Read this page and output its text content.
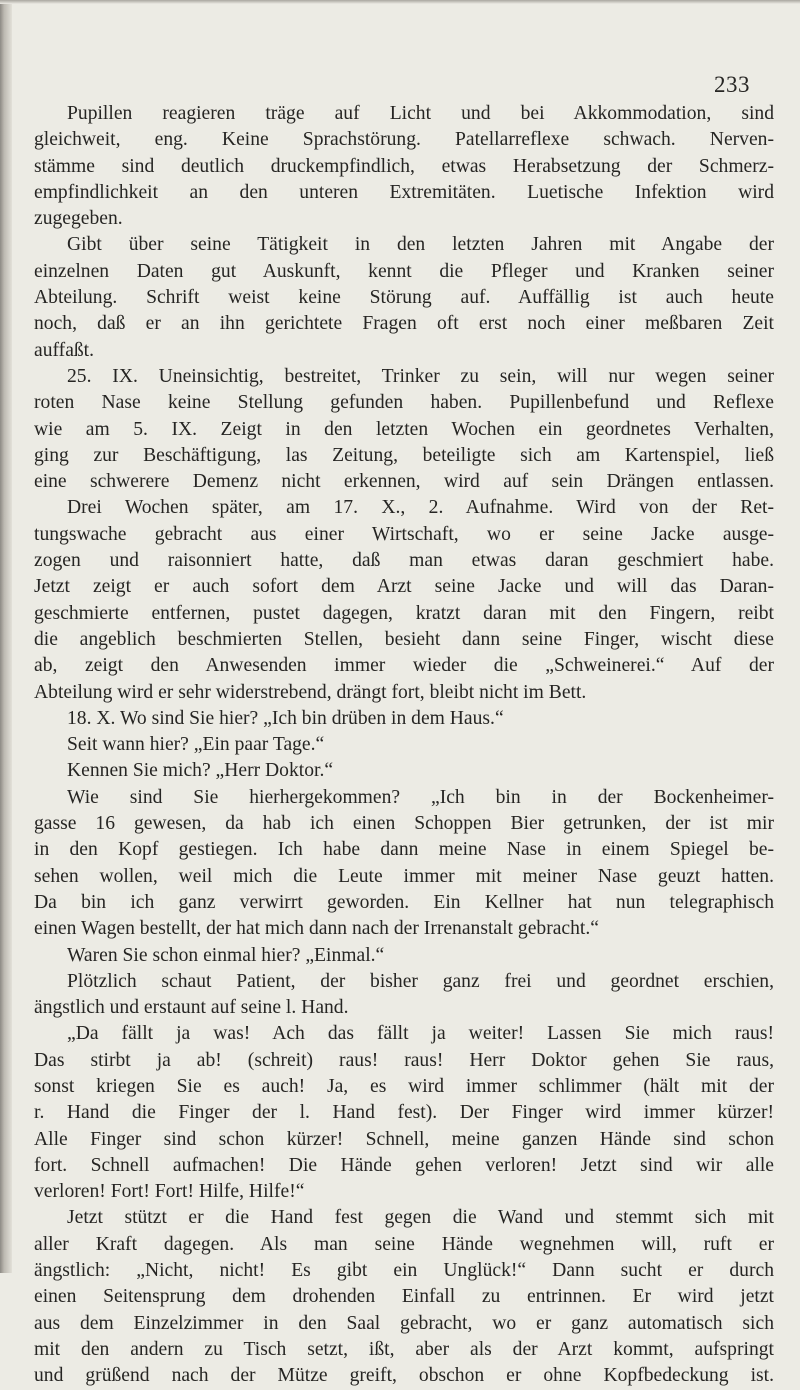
233
Pupillen reagieren träge auf Licht und bei Akkommodation, sind
gleichweit, eng. Keine Sprachstörung. Patellarreflexe schwach. Nerven-
stämme sind deutlich druckempfindlich, etwas Herabsetzung der Schmerz-
empfindlichkeit an den unteren Extremitäten. Luetische Infektion wird
zugegeben.
Gibt über seine Tätigkeit in den letzten Jahren mit Angabe der
einzelnen Daten gut Auskunft, kennt die Pfleger und Kranken seiner
Abteilung. Schrift weist keine Störung auf. Auffällig ist auch heute
noch, daß er an ihn gerichtete Fragen oft erst noch einer meßbaren Zeit
auffaßt.
25. IX. Uneinsichtig, bestreitet, Trinker zu sein, will nur wegen seiner
roten Nase keine Stellung gefunden haben. Pupillenbefund und Reflexe
wie am 5. IX. Zeigt in den letzten Wochen ein geordnetes Verhalten,
ging zur Beschäftigung, las Zeitung, beteiligte sich am Kartenspiel, ließ
eine schwerere Demenz nicht erkennen, wird auf sein Drängen entlassen.
Drei Wochen später, am 17. X., 2. Aufnahme. Wird von der Ret-
tungswache gebracht aus einer Wirtschaft, wo er seine Jacke ausge-
zogen und raisonniert hatte, daß man etwas daran geschmiert habe.
Jetzt zeigt er auch sofort dem Arzt seine Jacke und will das Daran-
geschmierte entfernen, pustet dagegen, kratzt daran mit den Fingern, reibt
die angeblich beschmierten Stellen, besieht dann seine Finger, wischt diese
ab, zeigt den Anwesenden immer wieder die „Schweinerei.“ Auf der
Abteilung wird er sehr widerstrebend, drängt fort, bleibt nicht im Bett.
18. X. Wo sind Sie hier? „Ich bin drüben in dem Haus.“
Seit wann hier? „Ein paar Tage.“
Kennen Sie mich? „Herr Doktor.“
Wie sind Sie hierhergekommen? „Ich bin in der Bockenheimer-
gasse 16 gewesen, da hab ich einen Schoppen Bier getrunken, der ist mir
in den Kopf gestiegen. Ich habe dann meine Nase in einem Spiegel be-
sehen wollen, weil mich die Leute immer mit meiner Nase geuzt hatten.
Da bin ich ganz verwirrt geworden. Ein Kellner hat nun telegraphisch
einen Wagen bestellt, der hat mich dann nach der Irrenanstalt gebracht.“
Waren Sie schon einmal hier? „Einmal.“
Plötzlich schaut Patient, der bisher ganz frei und geordnet erschien,
ängstlich und erstaunt auf seine l. Hand.
„Da fällt ja was! Ach das fällt ja weiter! Lassen Sie mich raus!
Das stirbt ja ab! (schreit) raus! raus! Herr Doktor gehen Sie raus,
sonst kriegen Sie es auch! Ja, es wird immer schlimmer (hält mit der
r. Hand die Finger der l. Hand fest). Der Finger wird immer kürzer!
Alle Finger sind schon kürzer! Schnell, meine ganzen Hände sind schon
fort. Schnell aufmachen! Die Hände gehen verloren! Jetzt sind wir alle
verloren! Fort! Fort! Hilfe, Hilfe!“
Jetzt stützt er die Hand fest gegen die Wand und stemmt sich mit
aller Kraft dagegen. Als man seine Hände wegnehmen will, ruft er
ängstlich: „Nicht, nicht! Es gibt ein Unglück!“ Dann sucht er durch
einen Seitensprung dem drohenden Einfall zu entrinnen. Er wird jetzt
aus dem Einzelzimmer in den Saal gebracht, wo er ganz automatisch sich
mit den andern zu Tisch setzt, ißt, aber als der Arzt kommt, aufspringt
und grüßend nach der Mütze greift, obschon er ohne Kopfbedeckung ist.
